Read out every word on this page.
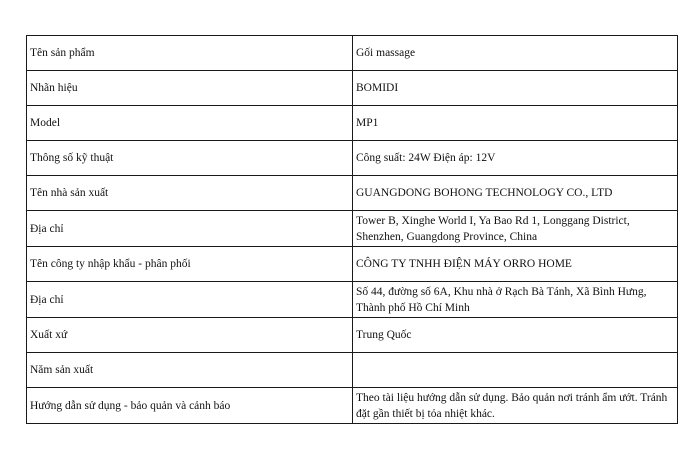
Tên sản phẩm	Gối massage
Nhãn hiệu	BOMIDI
Model	MP1
Thông số kỹ thuật	Công suất: 24W Điện áp: 12V
Tên nhà sản xuất	GUANGDONG BOHONG TECHNOLOGY CO., LTD
Địa chỉ	Tower B, Xinghe World I, Ya Bao Rd 1, Longgang District, Shenzhen, Guangdong Province, China
Tên công ty nhập khẩu - phân phối	CÔNG TY TNHH ĐIỆN MÁY ORRO HOME
Địa chỉ	Số 44, đường số 6A, Khu nhà ở Rạch Bà Tánh, Xã Bình Hưng, Thành phố Hồ Chí Minh
Xuất xứ	Trung Quốc
Năm sản xuất	
Hướng dẫn sử dụng - bảo quản và cảnh báo	Theo tài liệu hướng dẫn sử dụng. Bảo quản nơi tránh ẩm ướt. Tránh đặt gần thiết bị tỏa nhiệt khác.
